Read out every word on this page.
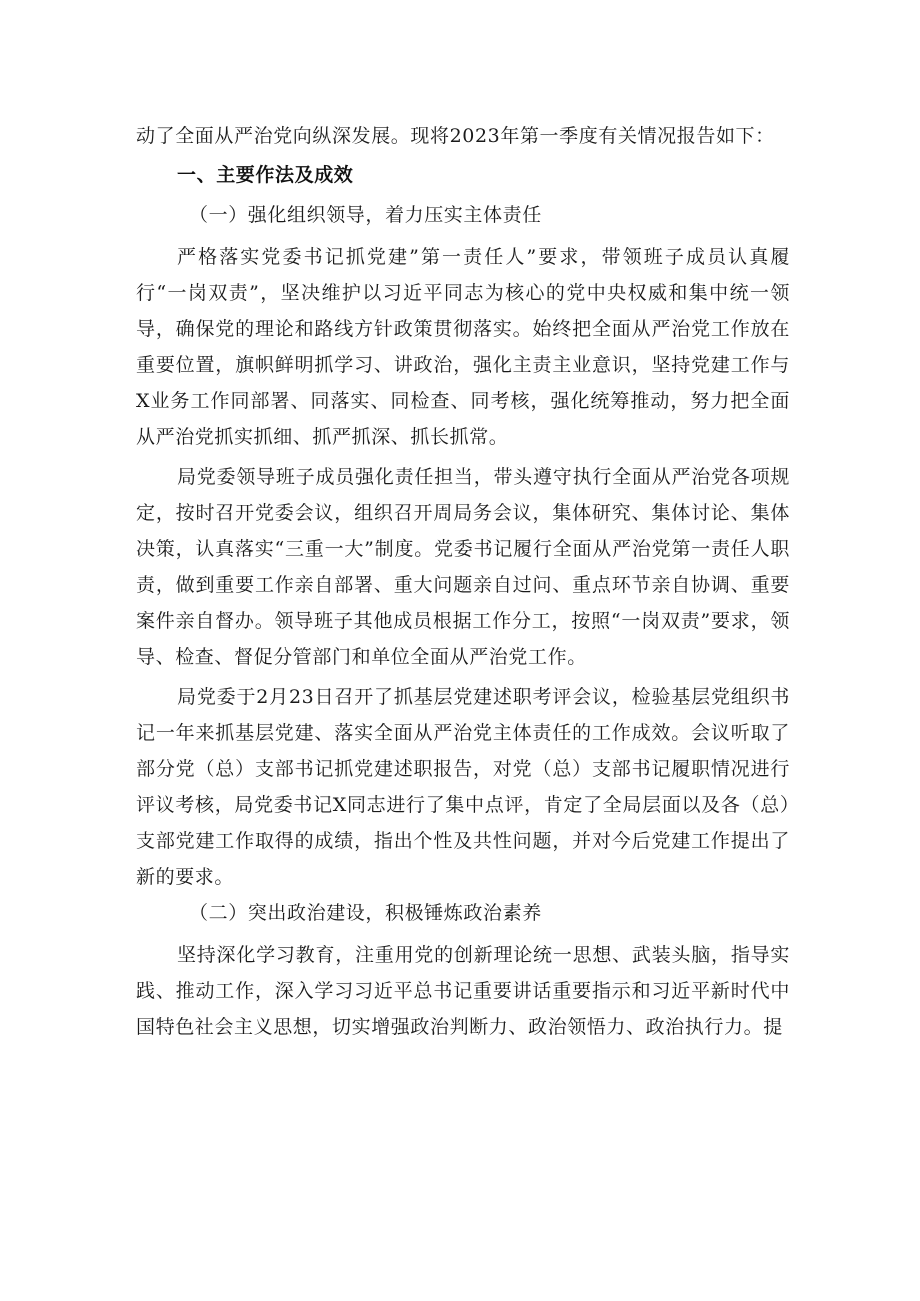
动了全面从严治党向纵深发展。现将2023年第一季度有关情况报告如下：

一、主要作法及成效
（一）强化组织领导，着力压实主体责任

严格落实党委书记抓党建”第一责任人”要求，带领班子成员认真履行“一岗双责”，坚决维护以习近平同志为核心的党中央权威和集中统一领导，确保党的理论和路线方针政策贯彻落实。始终把全面从严治党工作放在重要位置，旗帜鲜明抓学习、讲政治，强化主责主业意识，坚持党建工作与X业务工作同部署、同落实、同检查、同考核，强化统筹推动，努力把全面从严治党抓实抓细、抓严抓深、抓长抓常。

局党委领导班子成员强化责任担当，带头遵守执行全面从严治党各项规定，按时召开党委会议，组织召开周局务会议，集体研究、集体讨论、集体决策，认真落实“三重一大”制度。党委书记履行全面从严治党第一责任人职责，做到重要工作亲自部署、重大问题亲自过问、重点环节亲自协调、重要案件亲自督办。领导班子其他成员根据工作分工，按照“一岗双责”要求，领导、检查、督促分管部门和单位全面从严治党工作。

局党委于2月23日召开了抓基层党建述职考评会议，检验基层党组织书记一年来抓基层党建、落实全面从严治党主体责任的工作成效。会议听取了部分党（总）支部书记抓党建述职报告，对党（总）支部书记履职情况进行评议考核，局党委书记X同志进行了集中点评，肯定了全局层面以及各（总）支部党建工作取得的成绩，指出个性及共性问题，并对今后党建工作提出了新的要求。

（二）突出政治建设，积极锤炼政治素养

坚持深化学习教育，注重用党的创新理论统一思想、武装头脑，指导实践、推动工作，深入学习习近平总书记重要讲话重要指示和习近平新时代中国特色社会主义思想，切实增强政治判断力、政治领悟力、政治执行力。提
